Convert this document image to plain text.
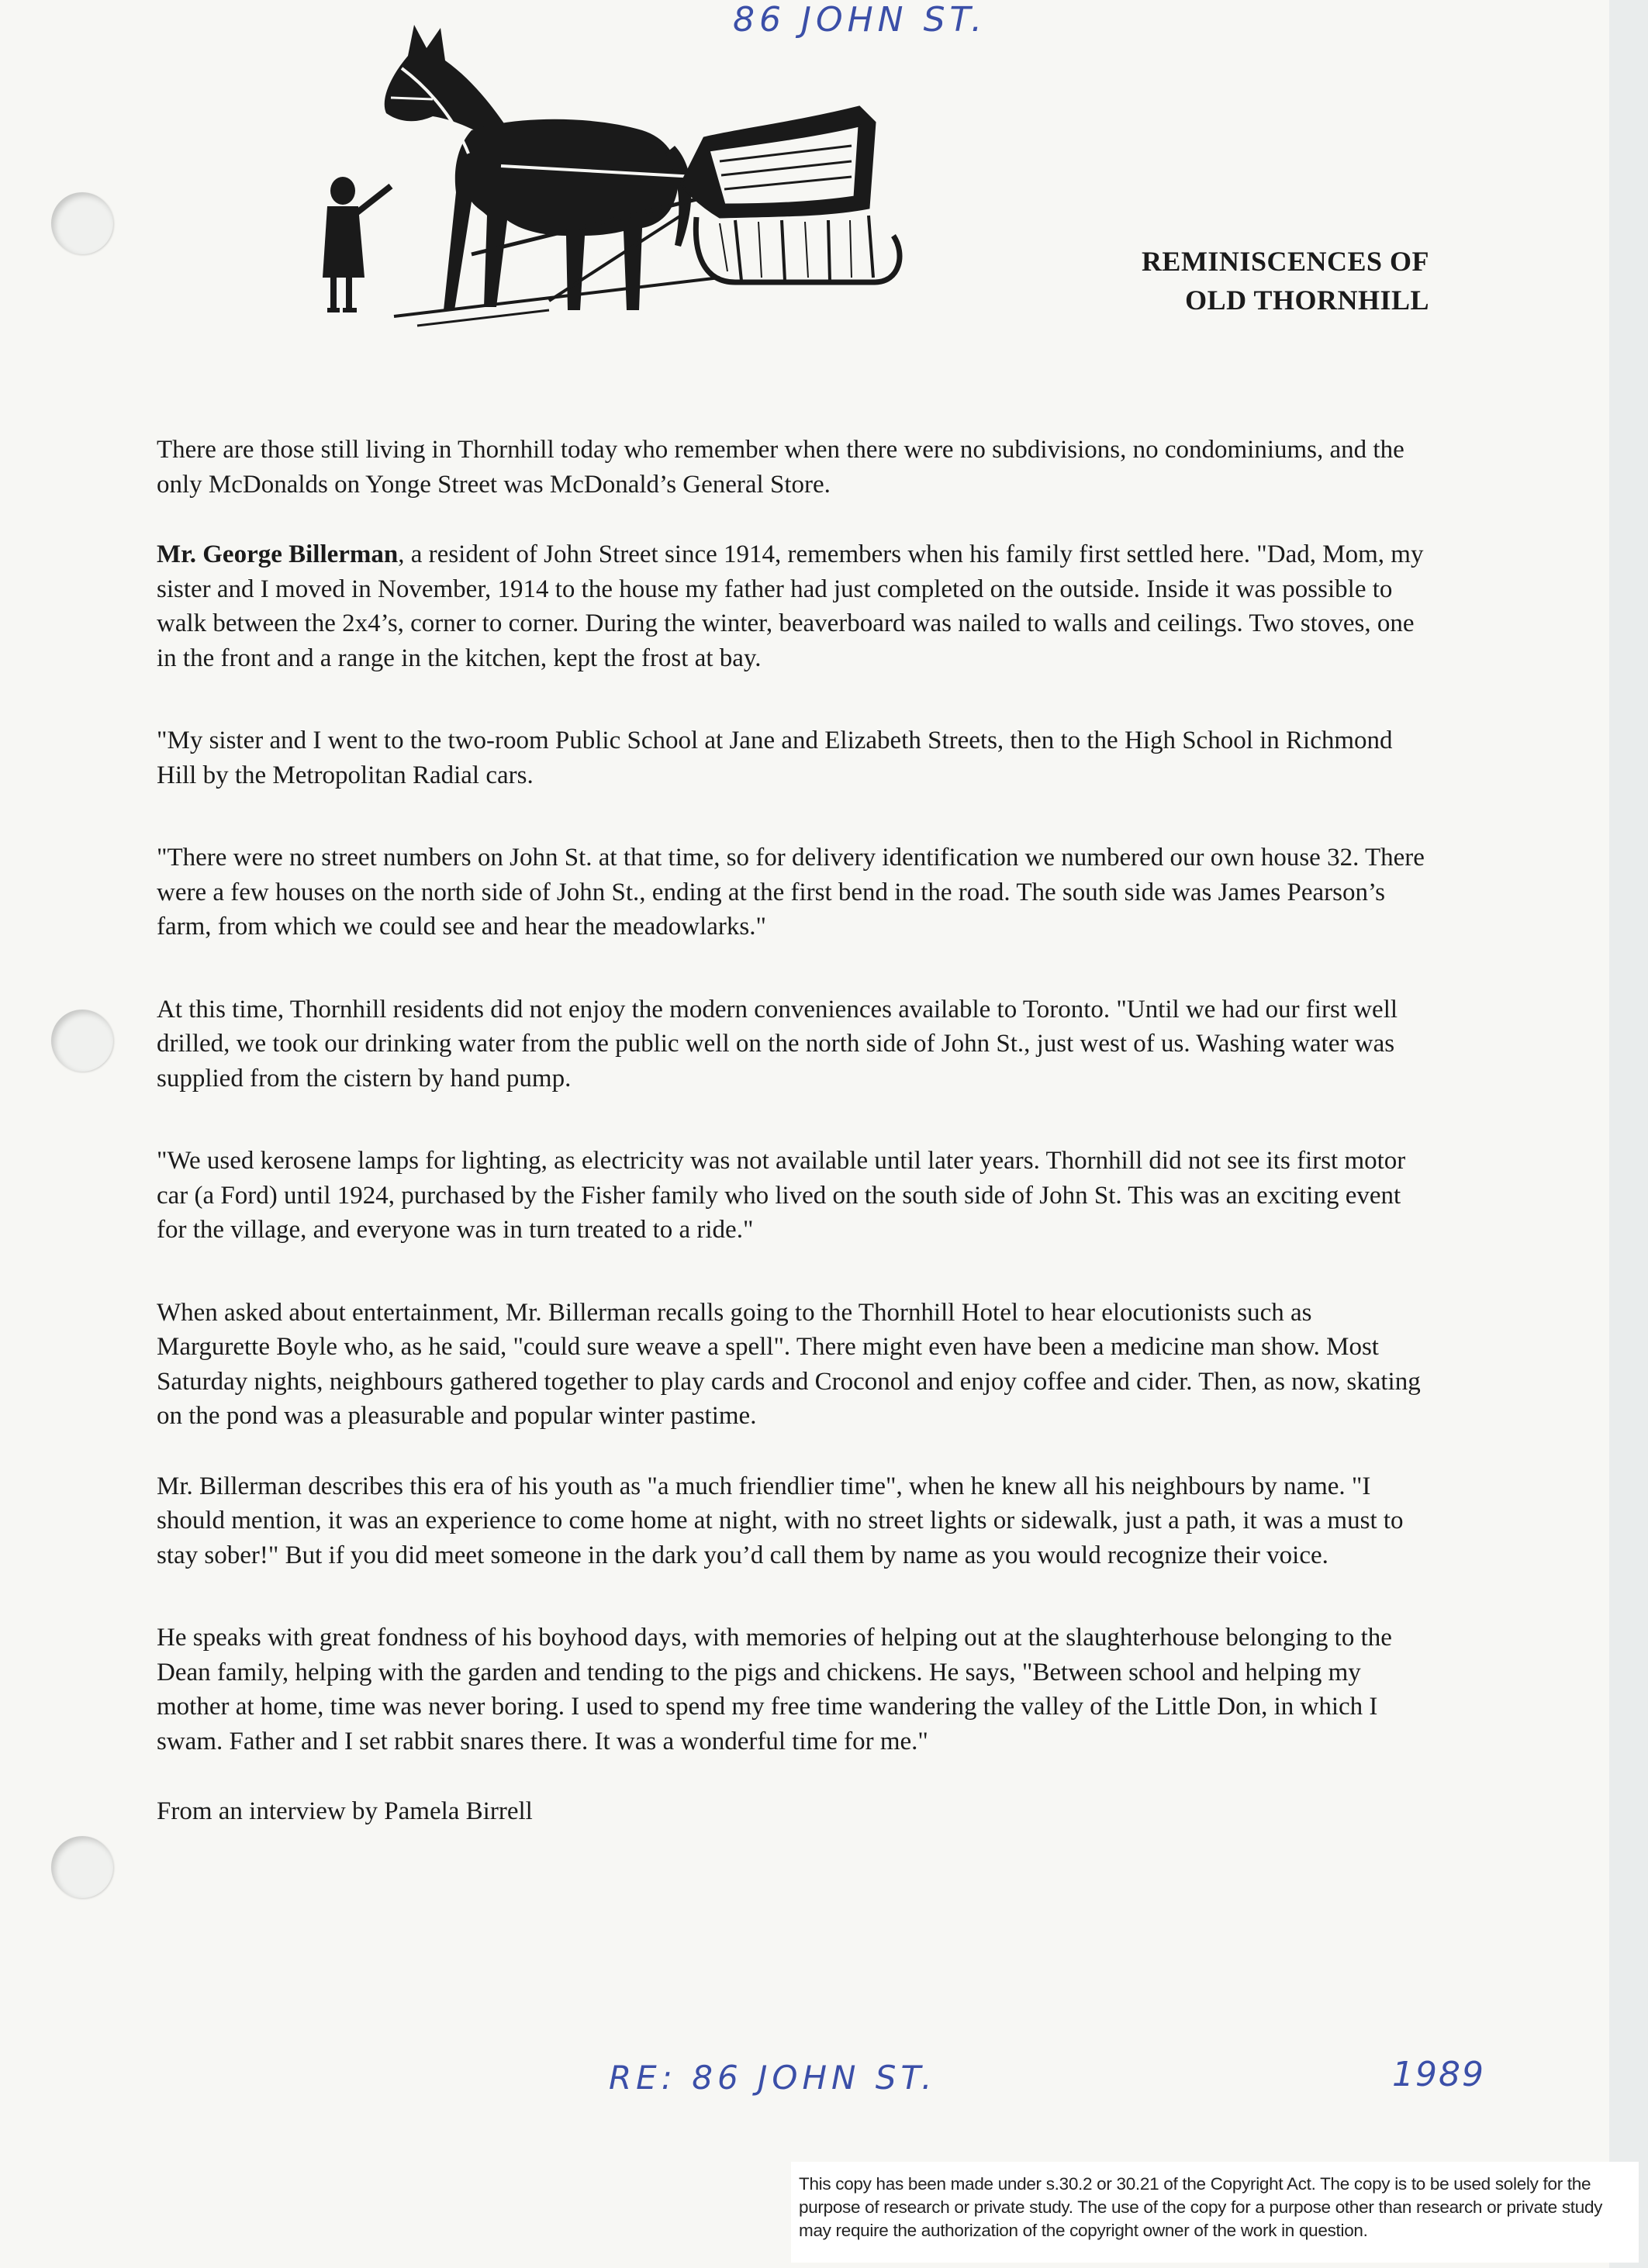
86 JOHN ST.
REMINISCENCES OF
OLD THORNHILL

There are those still living in Thornhill today who remember when there were no subdivisions, no condominiums, and the only McDonalds on Yonge Street was McDonald’s General Store.

Mr. George Billerman, a resident of John Street since 1914, remembers when his family first settled here. "Dad, Mom, my sister and I moved in November, 1914 to the house my father had just completed on the outside. Inside it was possible to walk between the 2x4’s, corner to corner. During the winter, beaverboard was nailed to walls and ceilings. Two stoves, one in the front and a range in the kitchen, kept the frost at bay.

"My sister and I went to the two-room Public School at Jane and Elizabeth Streets, then to the High School in Richmond Hill by the Metropolitan Radial cars.

"There were no street numbers on John St. at that time, so for delivery identification we numbered our own house 32. There were a few houses on the north side of John St., ending at the first bend in the road. The south side was James Pearson’s farm, from which we could see and hear the meadowlarks."

At this time, Thornhill residents did not enjoy the modern conveniences available to Toronto. "Until we had our first well drilled, we took our drinking water from the public well on the north side of John St., just west of us. Washing water was supplied from the cistern by hand pump.

"We used kerosene lamps for lighting, as electricity was not available until later years. Thornhill did not see its first motor car (a Ford) until 1924, purchased by the Fisher family who lived on the south side of John St. This was an exciting event for the village, and everyone was in turn treated to a ride."

When asked about entertainment, Mr. Billerman recalls going to the Thornhill Hotel to hear elocutionists such as Margurette Boyle who, as he said, "could sure weave a spell". There might even have been a medicine man show. Most Saturday nights, neighbours gathered together to play cards and Croconol and enjoy coffee and cider. Then, as now, skating on the pond was a pleasurable and popular winter pastime.

Mr. Billerman describes this era of his youth as "a much friendlier time", when he knew all his neighbours by name. "I should mention, it was an experience to come home at night, with no street lights or sidewalk, just a path, it was a must to stay sober!" But if you did meet someone in the dark you’d call them by name as you would recognize their voice.

He speaks with great fondness of his boyhood days, with memories of helping out at the slaughterhouse belonging to the Dean family, helping with the garden and tending to the pigs and chickens. He says, "Between school and helping my mother at home, time was never boring. I used to spend my free time wandering the valley of the Little Don, in which I swam. Father and I set rabbit snares there. It was a wonderful time for me."

From an interview by Pamela Birrell

RE: 86 JOHN ST.	1989
This copy has been made under s.30.2 or 30.21 of the Copyright Act. The copy is to be used solely for the purpose of research or private study. The use of the copy for a purpose other than research or private study may require the authorization of the copyright owner of the work in question.
